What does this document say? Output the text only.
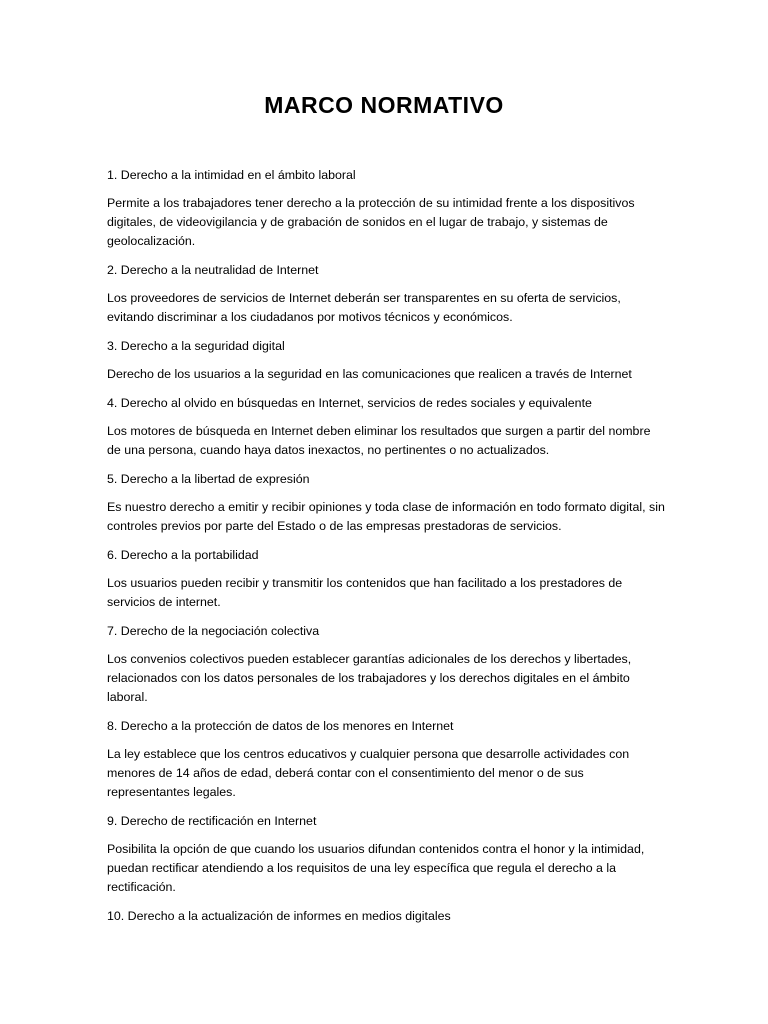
MARCO NORMATIVO

1. Derecho a la intimidad en el ámbito laboral

Permite a los trabajadores tener derecho a la protección de su intimidad frente a los dispositivos digitales, de videovigilancia y de grabación de sonidos en el lugar de trabajo, y sistemas de geolocalización.

2. Derecho a la neutralidad de Internet

Los proveedores de servicios de Internet deberán ser transparentes en su oferta de servicios, evitando discriminar a los ciudadanos por motivos técnicos y económicos.

3. Derecho a la seguridad digital

Derecho de los usuarios a la seguridad en las comunicaciones que realicen a través de Internet

4. Derecho al olvido en búsquedas en Internet, servicios de redes sociales y equivalente

Los motores de búsqueda en Internet deben eliminar los resultados que surgen a partir del nombre de una persona, cuando haya datos inexactos, no pertinentes o no actualizados.

5. Derecho a la libertad de expresión

Es nuestro derecho a emitir y recibir opiniones y toda clase de información en todo formato digital, sin controles previos por parte del Estado o de las empresas prestadoras de servicios.

6. Derecho a la portabilidad

Los usuarios pueden recibir y transmitir los contenidos que han facilitado a los prestadores de servicios de internet.

7. Derecho de la negociación colectiva

Los convenios colectivos pueden establecer garantías adicionales de los derechos y libertades, relacionados con los datos personales de los trabajadores y los derechos digitales en el ámbito laboral.

8. Derecho a la protección de datos de los menores en Internet

La ley establece que los centros educativos y cualquier persona que desarrolle actividades con menores de 14 años de edad, deberá contar con el consentimiento del menor o de sus representantes legales.

9. Derecho de rectificación en Internet

Posibilita la opción de que cuando los usuarios difundan contenidos contra el honor y la intimidad, puedan rectificar atendiendo a los requisitos de una ley específica que regula el derecho a la rectificación.

10. Derecho a la actualización de informes en medios digitales
